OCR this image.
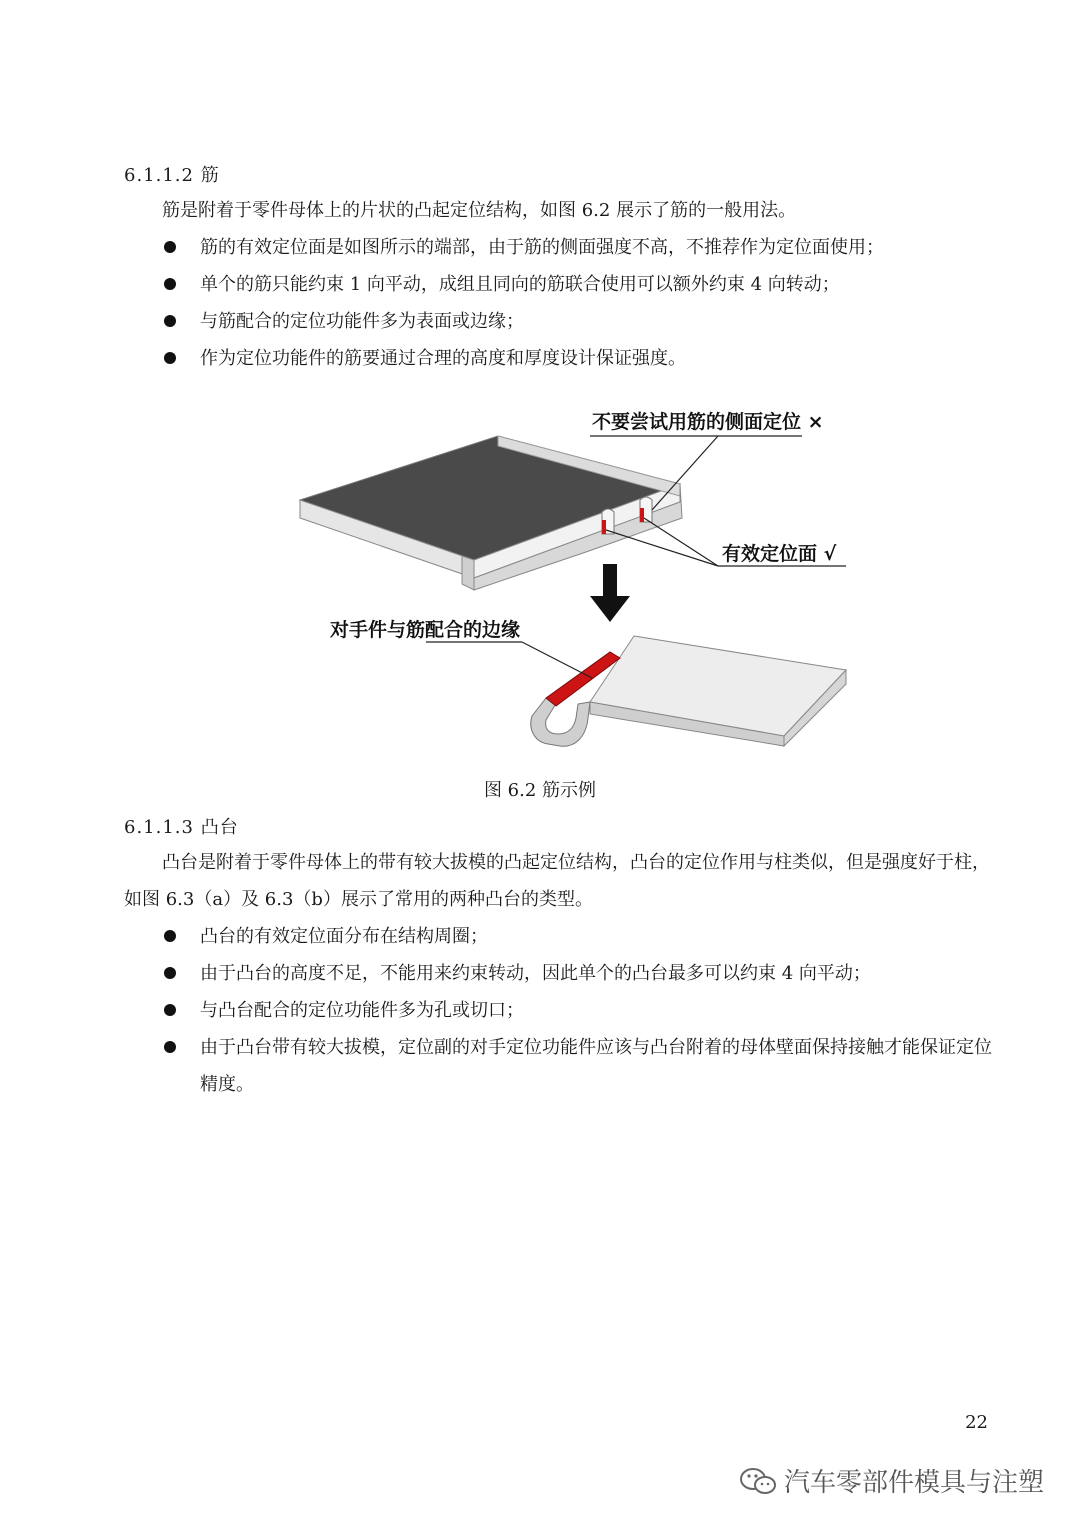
6.1.1.2 筋
筋是附着于零件母体上的片状的凸起定位结构，如图 6.2 展示了筋的一般用法。
筋的有效定位面是如图所示的端部，由于筋的侧面强度不高，不推荐作为定位面使用；
单个的筋只能约束 1 向平动，成组且同向的筋联合使用可以额外约束 4 向转动；
与筋配合的定位功能件多为表面或边缘；
作为定位功能件的筋要通过合理的高度和厚度设计保证强度。
不要尝试用筋的侧面定位 ×
有效定位面 √
对手件与筋配合的边缘
图 6.2 筋示例
6.1.1.3 凸台
凸台是附着于零件母体上的带有较大拔模的凸起定位结构，凸台的定位作用与柱类似，但是强度好于柱，如图 6.3（a）及 6.3（b）展示了常用的两种凸台的类型。
凸台的有效定位面分布在结构周圈；
由于凸台的高度不足，不能用来约束转动，因此单个的凸台最多可以约束 4 向平动；
与凸台配合的定位功能件多为孔或切口；
由于凸台带有较大拔模，定位副的对手定位功能件应该与凸台附着的母体壁面保持接触才能保证定位精度。
22
汽车零部件模具与注塑
